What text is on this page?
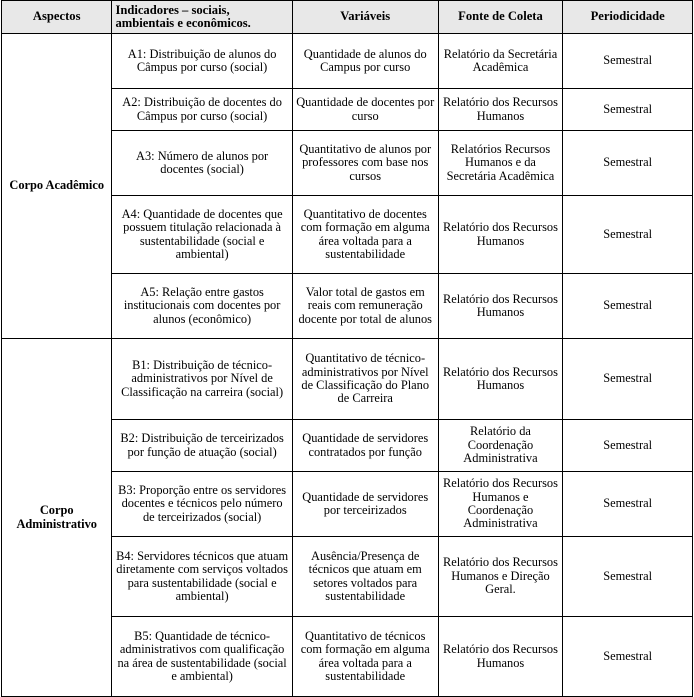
Aspectos	Indicadores – sociais, ambientais e econômicos.	Variáveis	Fonte de Coleta	Periodicidade
Corpo Acadêmico	A1: Distribuição de alunos do Câmpus por curso (social)	Quantidade de alunos do Campus por curso	Relatório da Secretária Acadêmica	Semestral
	A2: Distribuição de docentes do Câmpus por curso (social)	Quantidade de docentes por curso	Relatório dos Recursos Humanos	Semestral
	A3: Número de alunos por docentes (social)	Quantitativo de alunos por professores com base nos cursos	Relatórios Recursos Humanos e da Secretária Acadêmica	Semestral
	A4: Quantidade de docentes que possuem titulação relacionada à sustentabilidade (social e ambiental)	Quantitativo de docentes com formação em alguma área voltada para a sustentabilidade	Relatório dos Recursos Humanos	Semestral
	A5: Relação entre gastos institucionais com docentes por alunos (econômico)	Valor total de gastos em reais com remuneração docente por total de alunos	Relatório dos Recursos Humanos	Semestral
Corpo Administrativo	B1: Distribuição de técnico-administrativos por Nível de Classificação na carreira (social)	Quantitativo de técnico-administrativos por Nível de Classificação do Plano de Carreira	Relatório dos Recursos Humanos	Semestral
	B2: Distribuição de terceirizados por função de atuação (social)	Quantidade de servidores contratados por função	Relatório da Coordenação Administrativa	Semestral
	B3: Proporção entre os servidores docentes e técnicos pelo número de terceirizados (social)	Quantidade de servidores por terceirizados	Relatório dos Recursos Humanos e Coordenação Administrativa	Semestral
	B4: Servidores técnicos que atuam diretamente com serviços voltados para sustentabilidade (social e ambiental)	Ausência/Presença de técnicos que atuam em setores voltados para sustentabilidade	Relatório dos Recursos Humanos e Direção Geral.	Semestral
	B5: Quantidade de técnico-administrativos com qualificação na área de sustentabilidade (social e ambiental)	Quantitativo de técnicos com formação em alguma área voltada para a sustentabilidade	Relatório dos Recursos Humanos	Semestral
